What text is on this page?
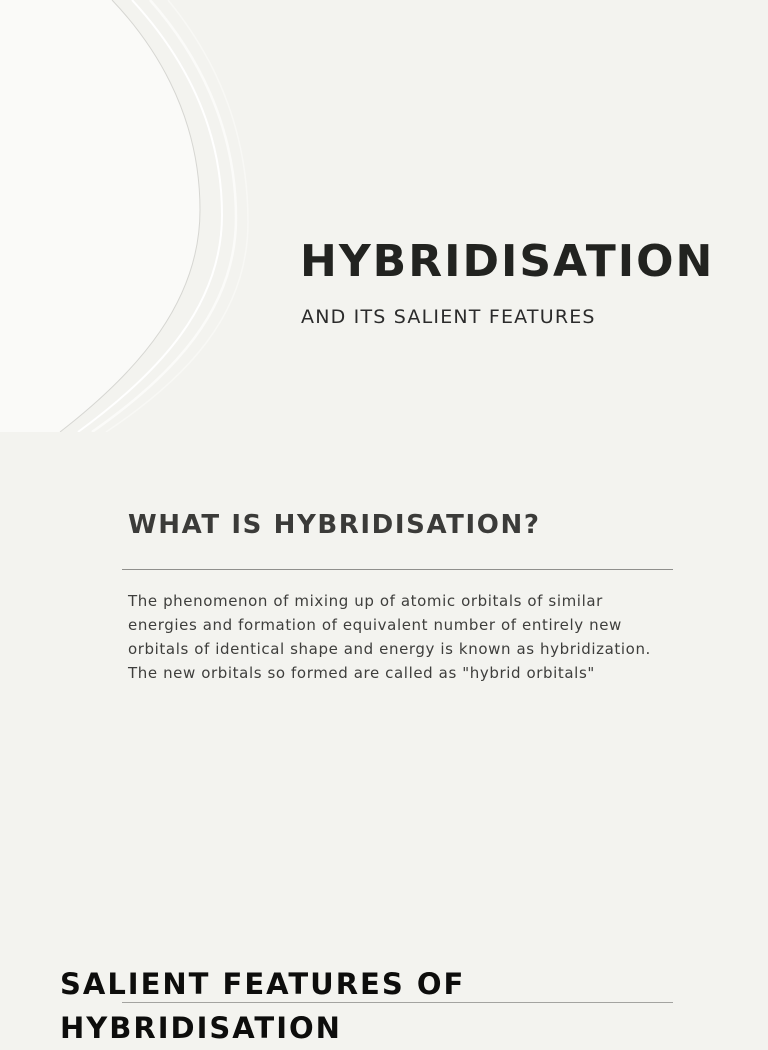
HYBRIDISATION

AND ITS SALIENT FEATURES

WHAT IS HYBRIDISATION?

The phenomenon of mixing up of atomic orbitals of similar energies and formation of equivalent number of entirely new orbitals of identical shape and energy is known as hybridization. The new orbitals so formed are called as "hybrid orbitals"

SALIENT FEATURES OF HYBRIDISATION
